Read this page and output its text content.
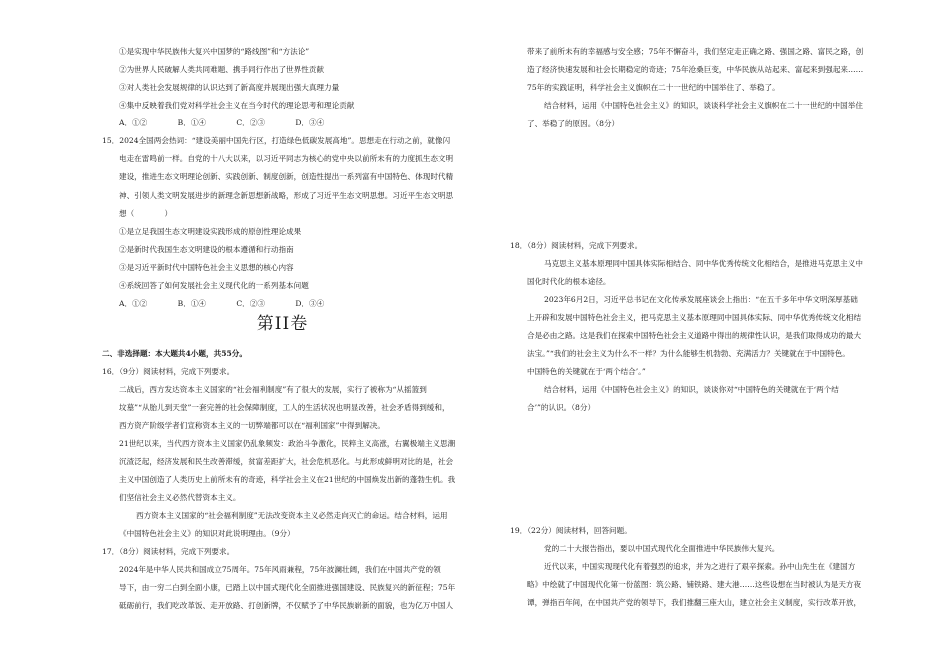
①是实现中华民族伟大复兴中国梦的“路线图”和“方法论”
②为世界人民破解人类共同难题、携手同行作出了世界性贡献
③对人类社会发展规律的认识达到了新高度并展现出强大真理力量
④集中反映着我们党对科学社会主义在当今时代的理论思考和理论贡献
A．①②　　　　B．①④　　　　C．②③　　　　D．③④
15．2024全国两会热词：“建设美丽中国先行区，打造绿色低碳发展高地”。思想走在行动之前，就像闪
电走在雷鸣前一样。自党的十八大以来，以习近平同志为核心的党中央以前所未有的力度抓生态文明
建设，推进生态文明理论创新、实践创新、制度创新，创造性提出一系列富有中国特色、体现时代精
神、引领人类文明发展进步的新理念新思想新战略，形成了习近平生态文明思想。习近平生态文明思
想（　　　　）
①是立足我国生态文明建设实践形成的原创性理论成果
②是新时代我国生态文明建设的根本遵循和行动指南
③是习近平新时代中国特色社会主义思想的核心内容
④系统回答了如何发展社会主义现代化的一系列基本问题
A．①②　　　　B．①④　　　　C．②③　　　　D．③④
第II卷
二、非选择题：本大题共4小题，共55分。
16．（9分）阅读材料，完成下列要求。
二战后，西方发达资本主义国家的“社会福利制度”有了很大的发展，实行了被称为“从摇篮到
坟墓”“从胎儿到天堂”一套完善的社会保障制度，工人的生活状况也明显改善，社会矛盾得到缓和，
西方资产阶级学者们宣称资本主义的一切弊端都可以在“福利国家”中得到解决。
21世纪以来，当代西方资本主义国家仍乱象频发：政治斗争激化，民粹主义高涨，右翼极端主义思潮
沉渣泛起，经济发展和民生改善滞缓，贫富差距扩大，社会危机恶化。与此形成鲜明对比的是，社会
主义中国创造了人类历史上前所未有的奇迹，科学社会主义在21世纪的中国焕发出新的蓬勃生机。我
们坚信社会主义必然代替资本主义。
西方资本主义国家的“社会福利制度”无法改变资本主义必然走向灭亡的命运。结合材料，运用
《中国特色社会主义》的知识对此说明理由。（9分）
17．（8分）阅读材料，完成下列要求。
2024年是中华人民共和国成立75周年。75年风雨兼程，75年波澜壮阔，我们在中国共产党的领
导下，由一穷二白到全面小康，已踏上以中国式现代化全面推进强国建设、民族复兴的新征程；75年
砥砺前行，我们吃改革饭、走开放路、打创新牌，不仅赋予了中华民族崭新的面貌，也为亿万中国人
带来了前所未有的幸福感与安全感；75年不懈奋斗，我们坚定走正确之路、强国之路、富民之路，创
造了经济快速发展和社会长期稳定的奇迹；75年沧桑巨变，中华民族从站起来、富起来到强起来……
75年的实践证明，科学社会主义旗帜在二十一世纪的中国举住了、举稳了。
结合材料，运用《中国特色社会主义》的知识，谈谈科学社会主义旗帜在二十一世纪的中国举住
了、举稳了的原因。（8分）
18．（8分）阅读材料，完成下列要求。
马克思主义基本原理同中国具体实际相结合、同中华优秀传统文化相结合，是推进马克思主义中
国化时代化的根本途径。
2023年6月2日，习近平总书记在文化传承发展座谈会上指出：“在五千多年中华文明深厚基础
上开辟和发展中国特色社会主义，把马克思主义基本原理同中国具体实际、同中华优秀传统文化相结
合是必由之路。这是我们在探索中国特色社会主义道路中得出的规律性认识，是我们取得成功的最大
法宝。”“我们的社会主义为什么不一样？为什么能够生机勃勃、充满活力？关键就在于中国特色。
中国特色的关键就在于‘两个结合’。”
结合材料，运用《中国特色社会主义》的知识，谈谈你对“中国特色的关键就在于‘两个结
合’”的认识。（8分）
19．（22分）阅读材料，回答问题。
党的二十大报告指出，要以中国式现代化全面推进中华民族伟大复兴。
近代以来，中国实现现代化有着强烈的追求，并为之进行了艰辛探索。孙中山先生在《建国方
略》中绘就了中国现代化第一份蓝图：筑公路、铺铁路、建大港……这些设想在当时被认为是天方夜
谭，弹指百年间，在中国共产党的领导下，我们推翻三座大山，建立社会主义制度，实行改革开放，
